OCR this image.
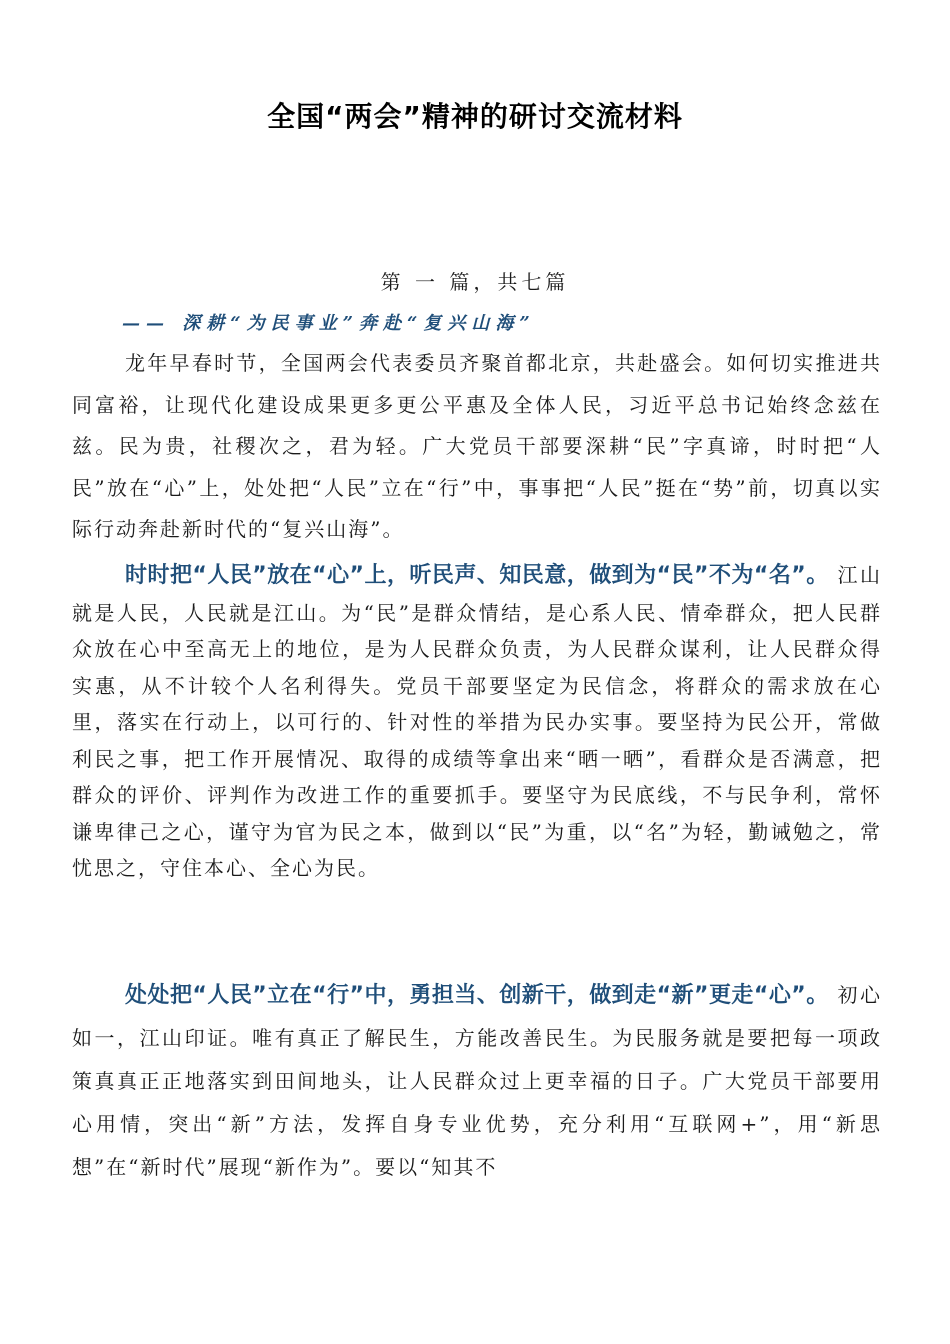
全国“两会”精神的研讨交流材料
第 一 篇，共七篇
—— 深耕“为民事业”奔赴“复兴山海”

龙年早春时节，全国两会代表委员齐聚首都北京，共赴盛会。如何切实推进共同富裕，让现代化建设成果更多更公平惠及全体人民，习近平总书记始终念兹在兹。民为贵，社稷次之，君为轻。广大党员干部要深耕“民”字真谛，时时把“人民”放在“心”上，处处把“人民”立在“行”中，事事把“人民”挺在“势”前，切真以实际行动奔赴新时代的“复兴山海”。

时时把“人民”放在“心”上，听民声、知民意，做到为“民”不为“名”。 江山就是人民，人民就是江山。为“民”是群众情结，是心系人民、情牵群众，把人民群众放在心中至高无上的地位，是为人民群众负责，为人民群众谋利，让人民群众得实惠，从不计较个人名利得失。党员干部要坚定为民信念，将群众的需求放在心里，落实在行动上，以可行的、针对性的举措为民办实事。要坚持为民公开，常做利民之事，把工作开展情况、取得的成绩等拿出来“晒一晒”，看群众是否满意，把群众的评价、评判作为改进工作的重要抓手。要坚守为民底线，不与民争利，常怀谦卑律己之心，谨守为官为民之本，做到以“民”为重，以“名”为轻，勤诫勉之，常忧思之，守住本心、全心为民。

处处把“人民”立在“行”中，勇担当、创新干，做到走“新”更走“心”。 初心如一，江山印证。唯有真正了解民生，方能改善民生。为民服务就是要把每一项政策真真正正地落实到田间地头，让人民群众过上更幸福的日子。广大党员干部要用心用情，突出“新”方法，发挥自身专业优势，充分利用“互联网+”，用“新思想”在“新时代”展现“新作为”。要以“知其不
